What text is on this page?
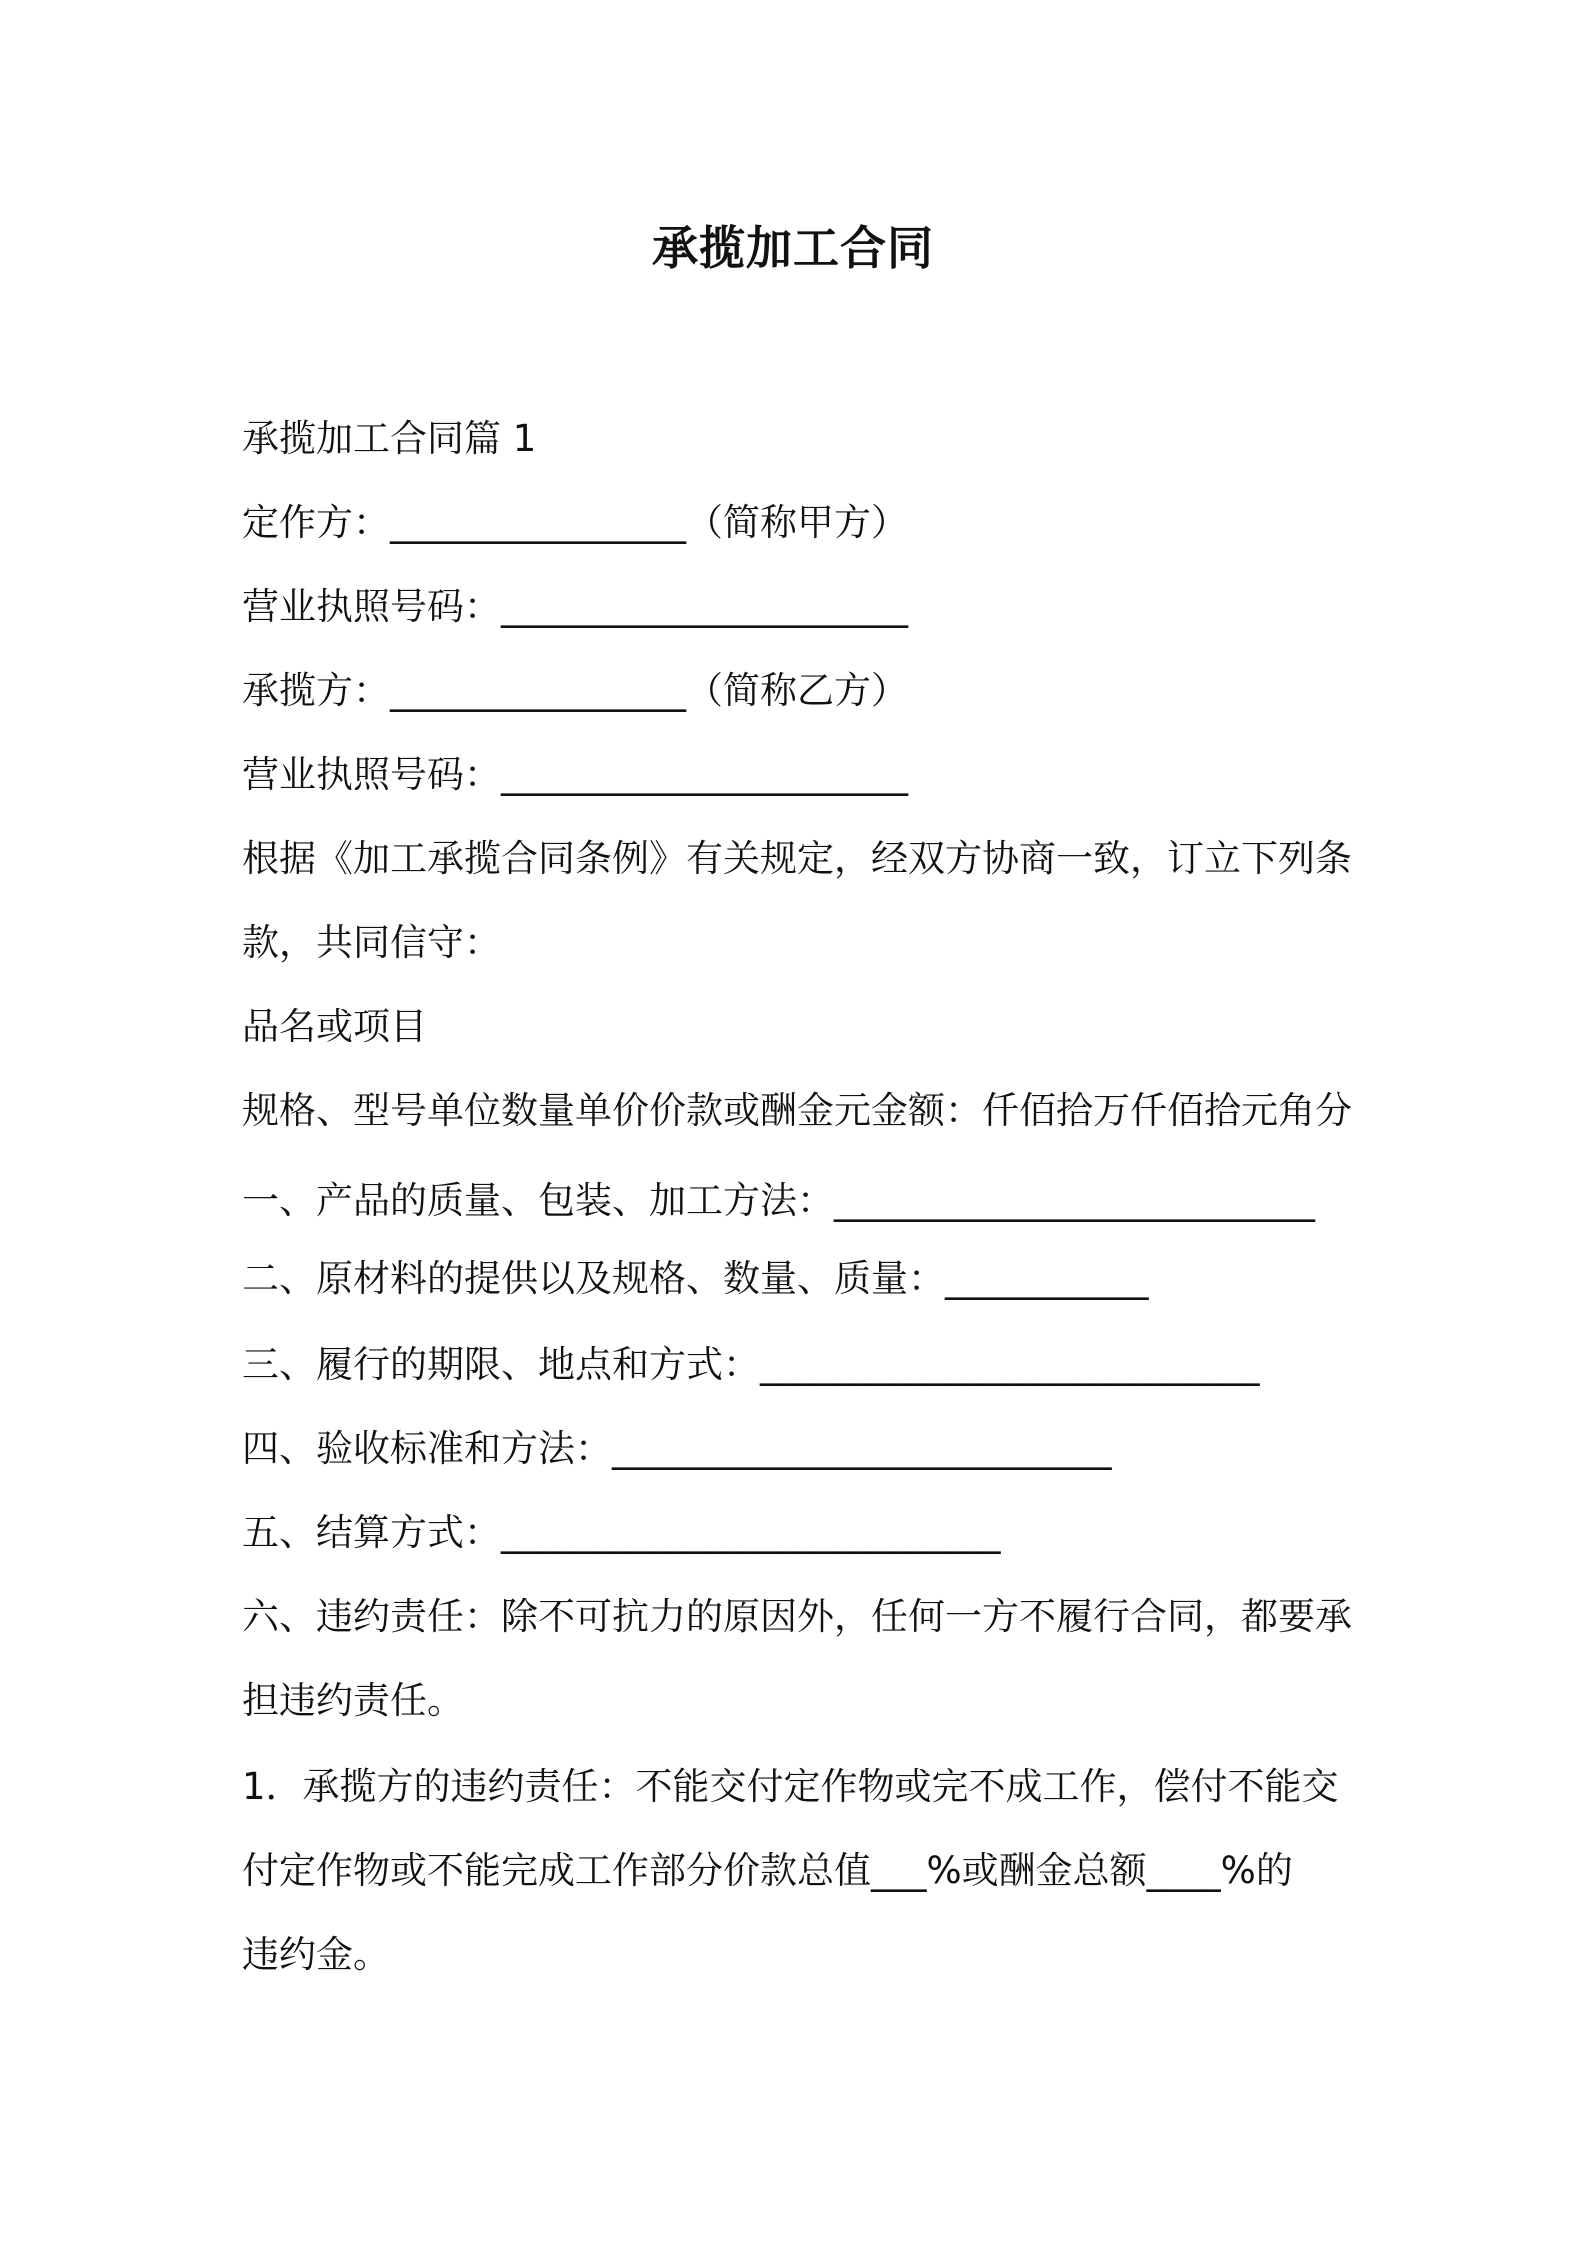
承揽加工合同

承揽加工合同篇 1

定作方：________________（简称甲方）

营业执照号码：______________________

承揽方：________________（简称乙方）

营业执照号码：______________________

根据《加工承揽合同条例》有关规定，经双方协商一致，订立下列条

款，共同信守：

品名或项目

规格、型号单位数量单价价款或酬金元金额：仟佰拾万仟佰拾元角分

一、产品的质量、包装、加工方法：__________________________

二、原材料的提供以及规格、数量、质量：___________

三、履行的期限、地点和方式：___________________________

四、验收标准和方法：___________________________

五、结算方式：___________________________

六、违约责任：除不可抗力的原因外，任何一方不履行合同，都要承

担违约责任。

1．承揽方的违约责任：不能交付定作物或完不成工作，偿付不能交

付定作物或不能完成工作部分价款总值___%或酬金总额____%的

违约金。
